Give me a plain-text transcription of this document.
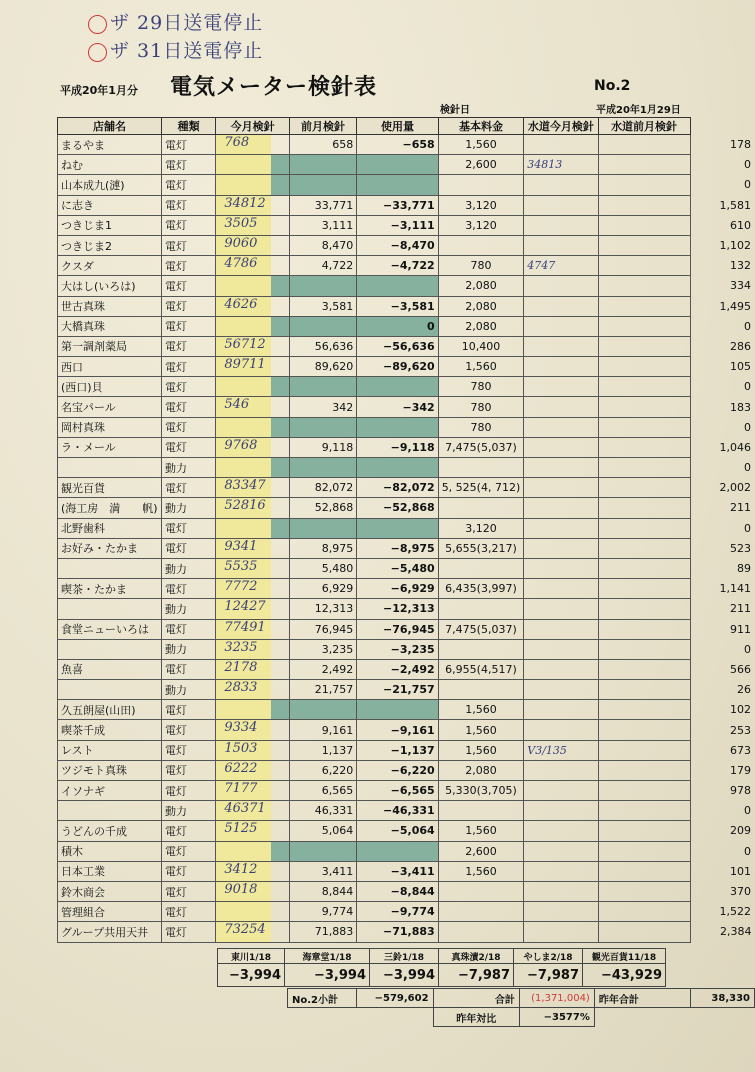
ザ 29日送電停止
ザ 31日送電停止
平成20年1月分 電気メーター検針表	No.2
検針日	平成20年1月29日
店舗名	種類	今月検針	前月検針	使用量	基本料金	水道今月検針	水道前月検針	
まるやま	電灯	768	658	−658	1,560			178
ねむ	電灯				2,600	34813		0
山本成九(漣)	電灯							0
に志き	電灯	34812	33,771	−33,771	3,120			1,581
つきじま1	電灯	3505	3,111	−3,111	3,120			610
つきじま2	電灯	9060	8,470	−8,470				1,102
クスダ	電灯	4786	4,722	−4,722	780	4747		132
大はし(いろは)	電灯				2,080			334
世古真珠	電灯	4626	3,581	−3,581	2,080			1,495
大橋真珠	電灯			0	2,080			0
第一調剤薬局	電灯	56712	56,636	−56,636	10,400			286
西口	電灯	89711	89,620	−89,620	1,560			105
(西口)貝	電灯				780			0
名宝パール	電灯	546	342	−342	780			183
岡村真珠	電灯				780			0
ラ・メール	電灯	9768	9,118	−9,118	7,475(5,037)			1,046
	動力							0
観光百貨	電灯	83347	82,072	−82,072	5, 525(4, 712)			2,002
(海工房　満　　帆)	動力	52816	52,868	−52,868				211
北野歯科	電灯				3,120			0
お好み・たかま	電灯	9341	8,975	−8,975	5,655(3,217)			523
	動力	5535	5,480	−5,480				89
喫茶・たかま	電灯	7772	6,929	−6,929	6,435(3,997)			1,141
	動力	12427	12,313	−12,313				211
食堂ニューいろは	電灯	77491	76,945	−76,945	7,475(5,037)			911
	動力	3235	3,235	−3,235				0
魚喜	電灯	2178	2,492	−2,492	6,955(4,517)			566
	動力	2833	21,757	−21,757				26
久五朗屋(山田)	電灯				1,560			102
喫茶千成	電灯	9334	9,161	−9,161	1,560			253
レスト	電灯	1503	1,137	−1,137	1,560	V3/135		673
ツジモト真珠	電灯	6222	6,220	−6,220	2,080			179
イソナギ	電灯	7177	6,565	−6,565	5,330(3,705)			978
	動力	46371	46,331	−46,331				0
うどんの千成	電灯	5125	5,064	−5,064	1,560			209
積木	電灯				2,600			0
日本工業	電灯	3412	3,411	−3,411	1,560			101
鈴木商会	電灯	9018	8,844	−8,844				370
管理組合	電灯		9,774	−9,774				1,522
グループ共用天井	電灯	73254	71,883	−71,883				2,384
東川1/18	海章堂1/18	三鈴1/18	真珠漬2/18	やしま2/18	観光百貨11/18
−3,994	−3,994	−3,994	−7,987	−7,987	−43,929
No.2小計	−579,602	合計	(1,371,004)	昨年合計	38,330
		昨年対比	−3577%		
